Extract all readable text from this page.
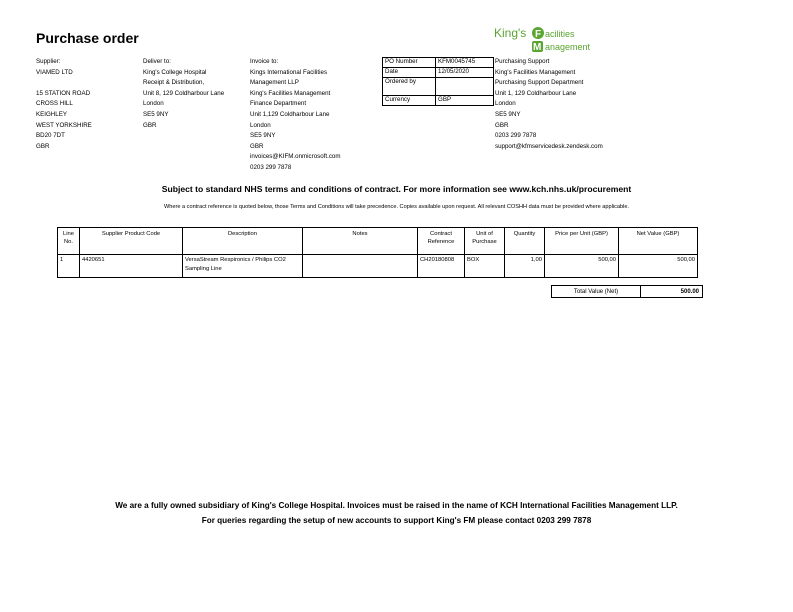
Purchase order	King's F acilities
M anagement
Supplier:
VIAMED LTD

15 STATION ROAD
CROSS HILL
KEIGHLEY
WEST YORKSHIRE
BD20 7DT
GBR
Deliver to:
King's College Hospital
Receipt & Distribution,
Unit 8, 129 Coldharbour Lane
London
SE5 9NY
GBR
Invoice to:
Kings International Facilities
Management LLP
King's Facilities Management
Finance Department
Unit 1,129 Coldharbour Lane
London
SE5 9NY
GBR
invoices@KIFM.onmicrosoft.com
0203 299 7878
PO Number	KFM0045745
Date	12/05/2020
Ordered by	
Currency	GBP
Purchasing Support
King's Facilities Management
Purchasing Support Department
Unit 1, 129 Coldharbour Lane
London
SE5 9NY
GBR
0203 299 7878
support@kfmservicedesk.zendesk.com
Subject to standard NHS terms and conditions of contract. For more information see www.kch.nhs.uk/procurement
Where a contract reference is quoted below, those Terms and Conditions will take precedence. Copies available upon request. All relevant COSHH data must be provided where applicable.
Line No.	Supplier Product Code	Description	Notes	Contract Reference	Unit of Purchase	Quantity	Price per Unit (GBP)	Net Value (GBP)
1	4420651	VersaStream Respironics / Philips CO2 Sampling Line		CH20180808	BOX	1,00	500,00	500,00
Total Value (Net)	500.00
We are a fully owned subsidiary of King's College Hospital. Invoices must be raised in the name of KCH International Facilities Management LLP.
For queries regarding the setup of new accounts to support King's FM please contact 0203 299 7878
